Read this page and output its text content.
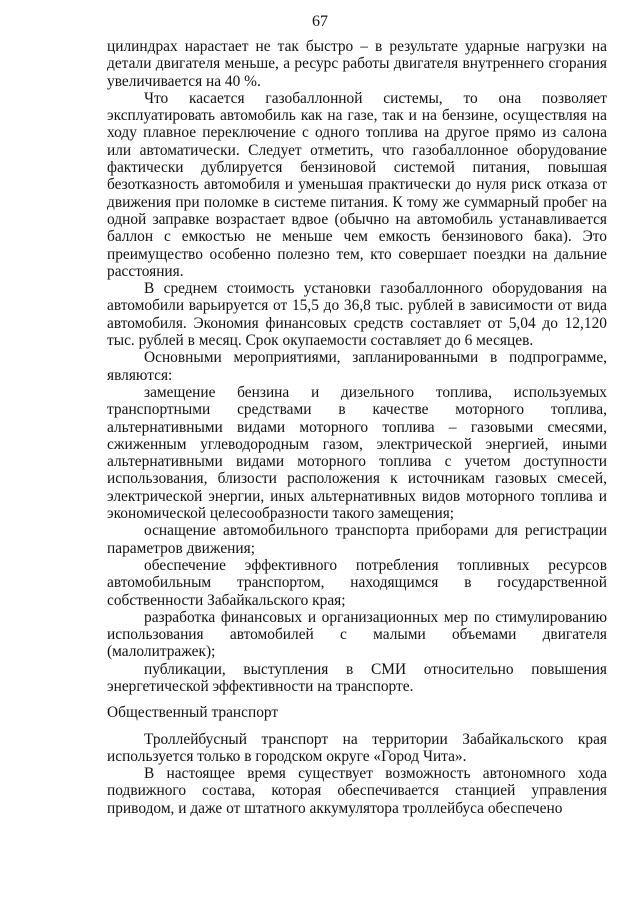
67

цилиндрах нарастает не так быстро – в результате ударные нагрузки на детали двигателя меньше, а ресурс работы двигателя внутреннего сгорания увеличивается на 40 %.

Что касается газобаллонной системы, то она позволяет эксплуатировать автомобиль как на газе, так и на бензине, осуществляя на ходу плавное переключение с одного топлива на другое прямо из салона или автоматически. Следует отметить, что газобаллонное оборудование фактически дублируется бензиновой системой питания, повышая безотказность автомобиля и уменьшая практически до нуля риск отказа от движения при поломке в системе питания. К тому же суммарный пробег на одной заправке возрастает вдвое (обычно на автомобиль устанавливается баллон с емкостью не меньше чем емкость бензинового бака). Это преимущество особенно полезно тем, кто совершает поездки на дальние расстояния.

В среднем стоимость установки газобаллонного оборудования на автомобили варьируется от 15,5 до 36,8 тыс. рублей в зависимости от вида автомобиля. Экономия финансовых средств составляет от 5,04 до 12,120 тыс. рублей в месяц. Срок окупаемости составляет до 6 месяцев.

Основными мероприятиями, запланированными в подпрограмме, являются:

замещение бензина и дизельного топлива, используемых транспортными средствами в качестве моторного топлива, альтернативными видами моторного топлива – газовыми смесями, сжиженным углеводородным газом, электрической энергией, иными альтернативными видами моторного топлива с учетом доступности использования, близости расположения к источникам газовых смесей, электрической энергии, иных альтернативных видов моторного топлива и экономической целесообразности такого замещения;

оснащение автомобильного транспорта приборами для регистрации параметров движения;

обеспечение эффективного потребления топливных ресурсов автомобильным транспортом, находящимся в государственной собственности Забайкальского края;

разработка финансовых и организационных мер по стимулированию использования автомобилей с малыми объемами двигателя (малолитражек);

публикации, выступления в СМИ относительно повышения энергетической эффективности на транспорте.

Общественный транспорт

Троллейбусный транспорт на территории Забайкальского края используется только в городском округе «Город Чита».

В настоящее время существует возможность автономного хода подвижного состава, которая обеспечивается станцией управления приводом, и даже от штатного аккумулятора троллейбуса обеспечено
